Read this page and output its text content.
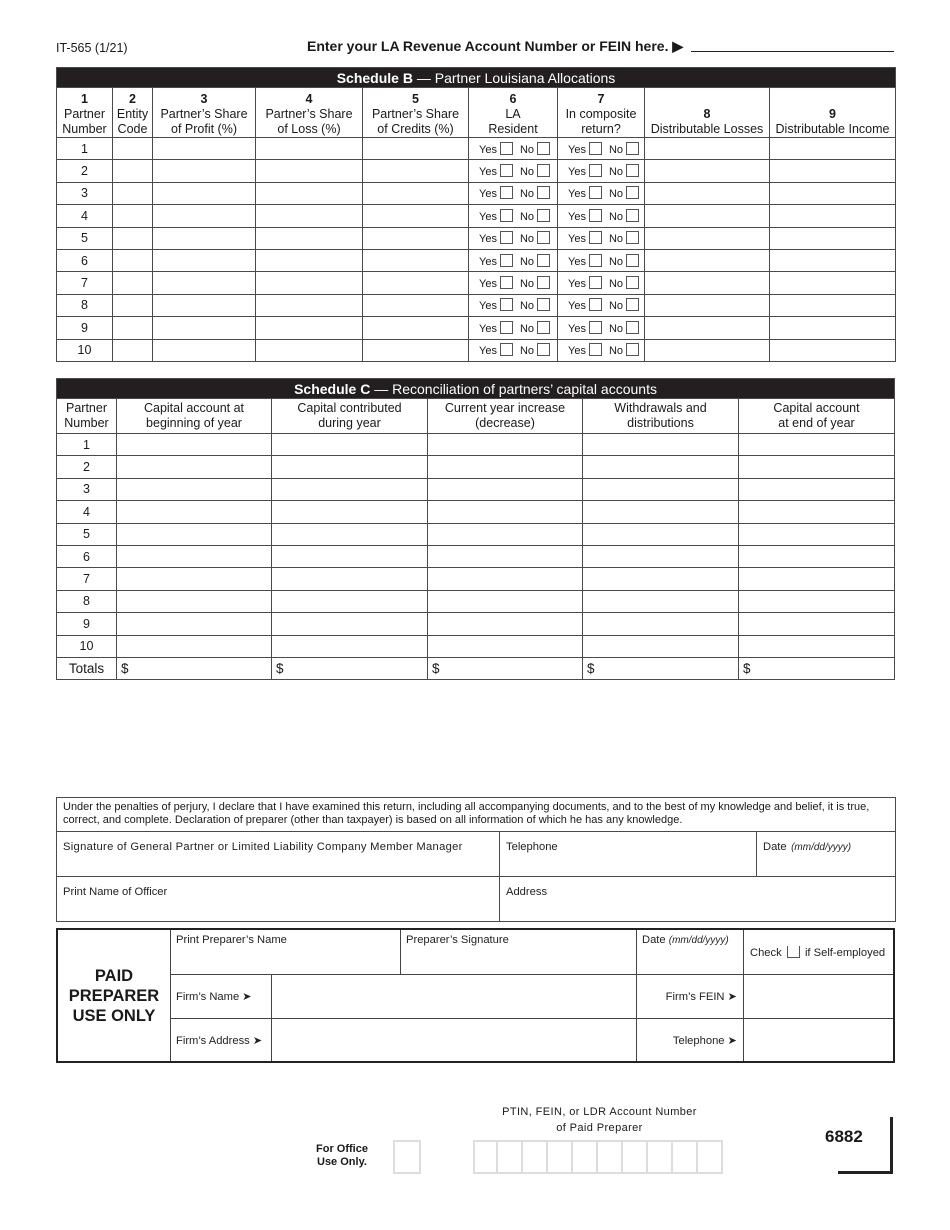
IT-565 (1/21)	Enter your LA Revenue Account Number or FEIN here. ▶
Schedule B — Partner Louisiana Allocations								

1
Partner
Number	2
Entity
Code	3
Partner’s Share
of Profit (%)	4
Partner’s Share
of Loss (%)	5
Partner’s Share
of Credits (%)	6
LA
Resident	7
In composite
return?	8
Distributable Losses	9
Distributable Income

1					Yes No	Yes No		
2					Yes No	Yes No		
3					Yes No	Yes No		
4					Yes No	Yes No		
5					Yes No	Yes No		
6					Yes No	Yes No		
7					Yes No	Yes No		
8					Yes No	Yes No		
9					Yes No	Yes No		
10					Yes No	Yes No		
Schedule C — Reconciliation of partners’ capital accounts					

Partner
Number	Capital account at
beginning of year	Capital contributed
during year	Current year increase
(decrease)	Withdrawals and
distributions	Capital account
at end of year

1					
2					
3					
4					
5					
6					
7					
8					
9					
10					
Totals	$	$	$	$	$
Under the penalties of perjury, I declare that I have examined this return, including all accompanying documents, and to the best of my knowledge and belief, it is true, correct, and complete. Declaration of preparer (other than taxpayer) is based on all information of which he has any knowledge.		
Signature of General Partner or Limited Liability Company Member Manager	Telephone	Date (mm/dd/yyyy)
Print Name of Officer	Address	
PAID
PREPARER
USE ONLY
Print Preparer’s Name	Preparer’s Signature	Date (mm/dd/yyyy)
Check if Self-employed
Firm’s Name ➤	Firm’s FEIN ➤
Firm’s Address ➤	Telephone ➤
PTIN, FEIN, or LDR Account Number
of Paid Preparer
For Office
Use Only.
6882
